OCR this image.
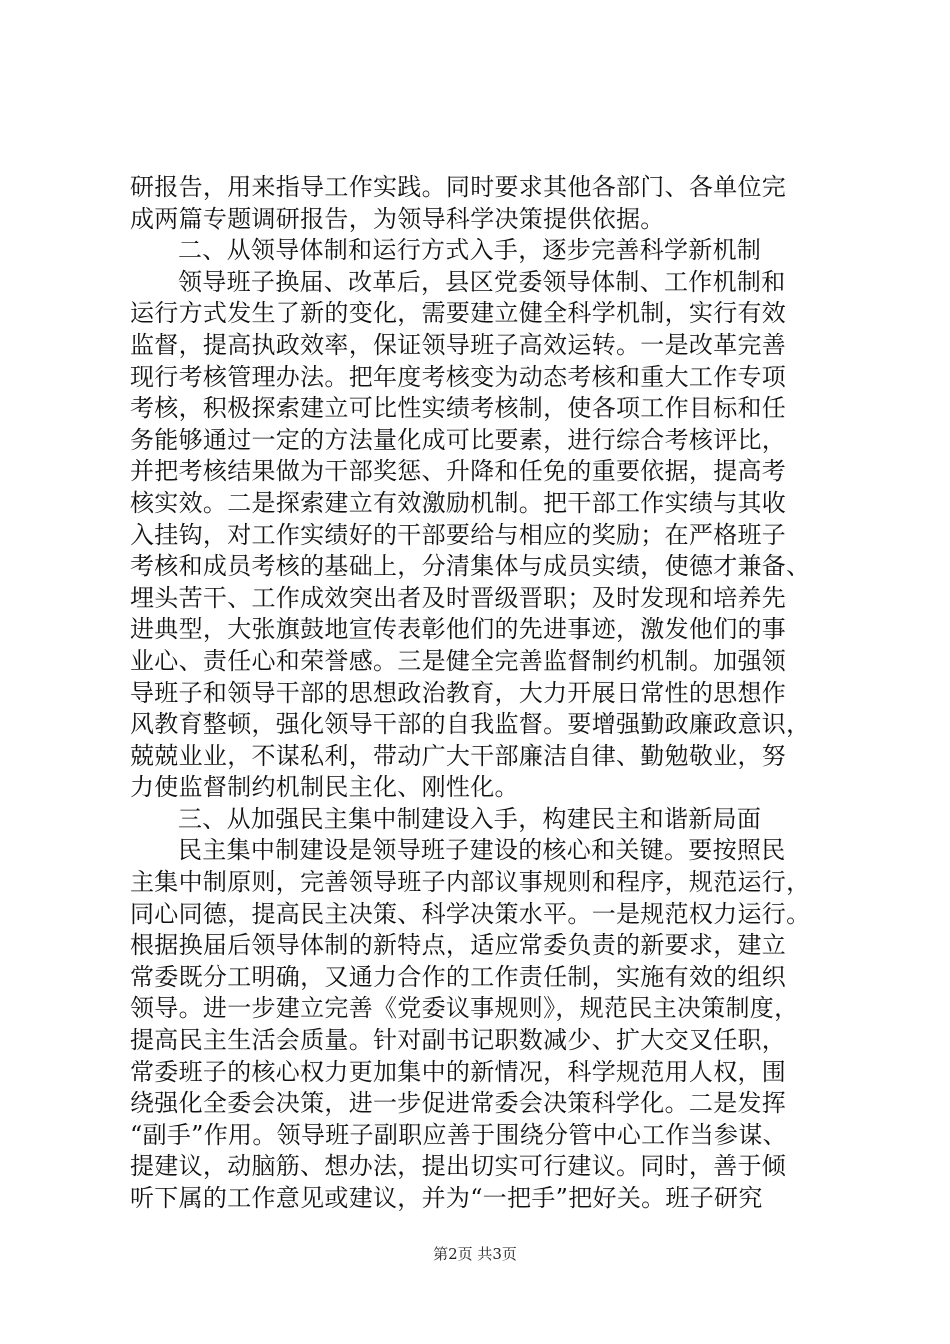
研报告，用来指导工作实践。同时要求其他各部门、各单位完
成两篇专题调研报告，为领导科学决策提供依据。
二、从领导体制和运行方式入手，逐步完善科学新机制
领导班子换届、改革后，县区党委领导体制、工作机制和
运行方式发生了新的变化，需要建立健全科学机制，实行有效
监督，提高执政效率，保证领导班子高效运转。一是改革完善
现行考核管理办法。把年度考核变为动态考核和重大工作专项
考核，积极探索建立可比性实绩考核制，使各项工作目标和任
务能够通过一定的方法量化成可比要素，进行综合考核评比，
并把考核结果做为干部奖惩、升降和任免的重要依据，提高考
核实效。二是探索建立有效激励机制。把干部工作实绩与其收
入挂钩，对工作实绩好的干部要给与相应的奖励；在严格班子
考核和成员考核的基础上，分清集体与成员实绩，使德才兼备、
埋头苦干、工作成效突出者及时晋级晋职；及时发现和培养先
进典型，大张旗鼓地宣传表彰他们的先进事迹，激发他们的事
业心、责任心和荣誉感。三是健全完善监督制约机制。加强领
导班子和领导干部的思想政治教育，大力开展日常性的思想作
风教育整顿，强化领导干部的自我监督。要增强勤政廉政意识，
兢兢业业，不谋私利，带动广大干部廉洁自律、勤勉敬业，努
力使监督制约机制民主化、刚性化。
三、从加强民主集中制建设入手，构建民主和谐新局面
民主集中制建设是领导班子建设的核心和关键。要按照民
主集中制原则，完善领导班子内部议事规则和程序，规范运行，
同心同德，提高民主决策、科学决策水平。一是规范权力运行。
根据换届后领导体制的新特点，适应常委负责的新要求，建立
常委既分工明确，又通力合作的工作责任制，实施有效的组织
领导。进一步建立完善《党委议事规则》，规范民主决策制度，
提高民主生活会质量。针对副书记职数减少、扩大交叉任职，
常委班子的核心权力更加集中的新情况，科学规范用人权，围
绕强化全委会决策，进一步促进常委会决策科学化。二是发挥
“副手”作用。领导班子副职应善于围绕分管中心工作当参谋、
提建议，动脑筋、想办法，提出切实可行建议。同时，善于倾
听下属的工作意见或建议，并为“一把手”把好关。班子研究
第2页 共3页
